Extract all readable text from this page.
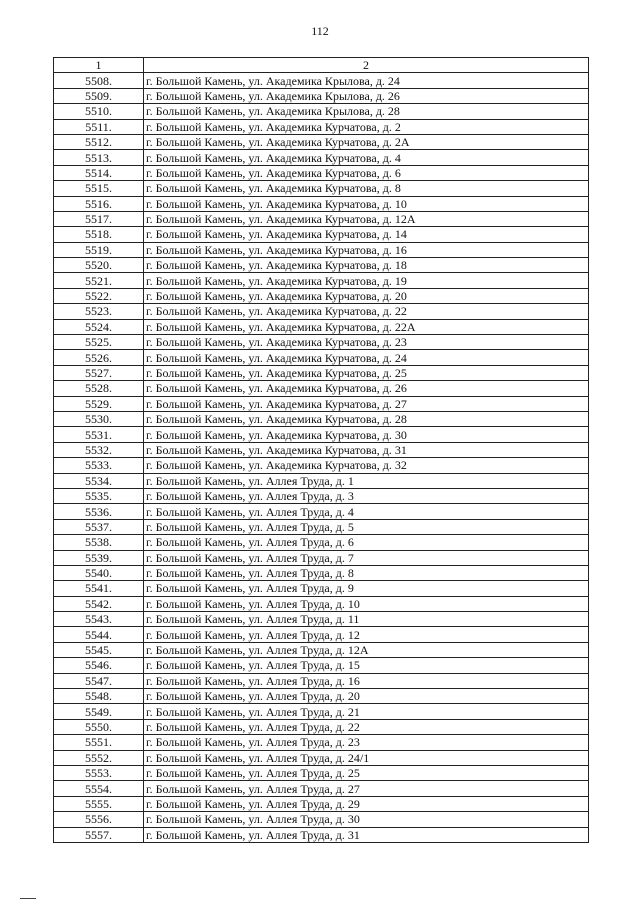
112
1	2
5508.	г. Большой Камень, ул. Академика Крылова, д. 24
5509.	г. Большой Камень, ул. Академика Крылова, д. 26
5510.	г. Большой Камень, ул. Академика Крылова, д. 28
5511.	г. Большой Камень, ул. Академика Курчатова, д. 2
5512.	г. Большой Камень, ул. Академика Курчатова, д. 2А
5513.	г. Большой Камень, ул. Академика Курчатова, д. 4
5514.	г. Большой Камень, ул. Академика Курчатова, д. 6
5515.	г. Большой Камень, ул. Академика Курчатова, д. 8
5516.	г. Большой Камень, ул. Академика Курчатова, д. 10
5517.	г. Большой Камень, ул. Академика Курчатова, д. 12А
5518.	г. Большой Камень, ул. Академика Курчатова, д. 14
5519.	г. Большой Камень, ул. Академика Курчатова, д. 16
5520.	г. Большой Камень, ул. Академика Курчатова, д. 18
5521.	г. Большой Камень, ул. Академика Курчатова, д. 19
5522.	г. Большой Камень, ул. Академика Курчатова, д. 20
5523.	г. Большой Камень, ул. Академика Курчатова, д. 22
5524.	г. Большой Камень, ул. Академика Курчатова, д. 22А
5525.	г. Большой Камень, ул. Академика Курчатова, д. 23
5526.	г. Большой Камень, ул. Академика Курчатова, д. 24
5527.	г. Большой Камень, ул. Академика Курчатова, д. 25
5528.	г. Большой Камень, ул. Академика Курчатова, д. 26
5529.	г. Большой Камень, ул. Академика Курчатова, д. 27
5530.	г. Большой Камень, ул. Академика Курчатова, д. 28
5531.	г. Большой Камень, ул. Академика Курчатова, д. 30
5532.	г. Большой Камень, ул. Академика Курчатова, д. 31
5533.	г. Большой Камень, ул. Академика Курчатова, д. 32
5534.	г. Большой Камень, ул. Аллея Труда, д. 1
5535.	г. Большой Камень, ул. Аллея Труда, д. 3
5536.	г. Большой Камень, ул. Аллея Труда, д. 4
5537.	г. Большой Камень, ул. Аллея Труда, д. 5
5538.	г. Большой Камень, ул. Аллея Труда, д. 6
5539.	г. Большой Камень, ул. Аллея Труда, д. 7
5540.	г. Большой Камень, ул. Аллея Труда, д. 8
5541.	г. Большой Камень, ул. Аллея Труда, д. 9
5542.	г. Большой Камень, ул. Аллея Труда, д. 10
5543.	г. Большой Камень, ул. Аллея Труда, д. 11
5544.	г. Большой Камень, ул. Аллея Труда, д. 12
5545.	г. Большой Камень, ул. Аллея Труда, д. 12А
5546.	г. Большой Камень, ул. Аллея Труда, д. 15
5547.	г. Большой Камень, ул. Аллея Труда, д. 16
5548.	г. Большой Камень, ул. Аллея Труда, д. 20
5549.	г. Большой Камень, ул. Аллея Труда, д. 21
5550.	г. Большой Камень, ул. Аллея Труда, д. 22
5551.	г. Большой Камень, ул. Аллея Труда, д. 23
5552.	г. Большой Камень, ул. Аллея Труда, д. 24/1
5553.	г. Большой Камень, ул. Аллея Труда, д. 25
5554.	г. Большой Камень, ул. Аллея Труда, д. 27
5555.	г. Большой Камень, ул. Аллея Труда, д. 29
5556.	г. Большой Камень, ул. Аллея Труда, д. 30
5557.	г. Большой Камень, ул. Аллея Труда, д. 31
